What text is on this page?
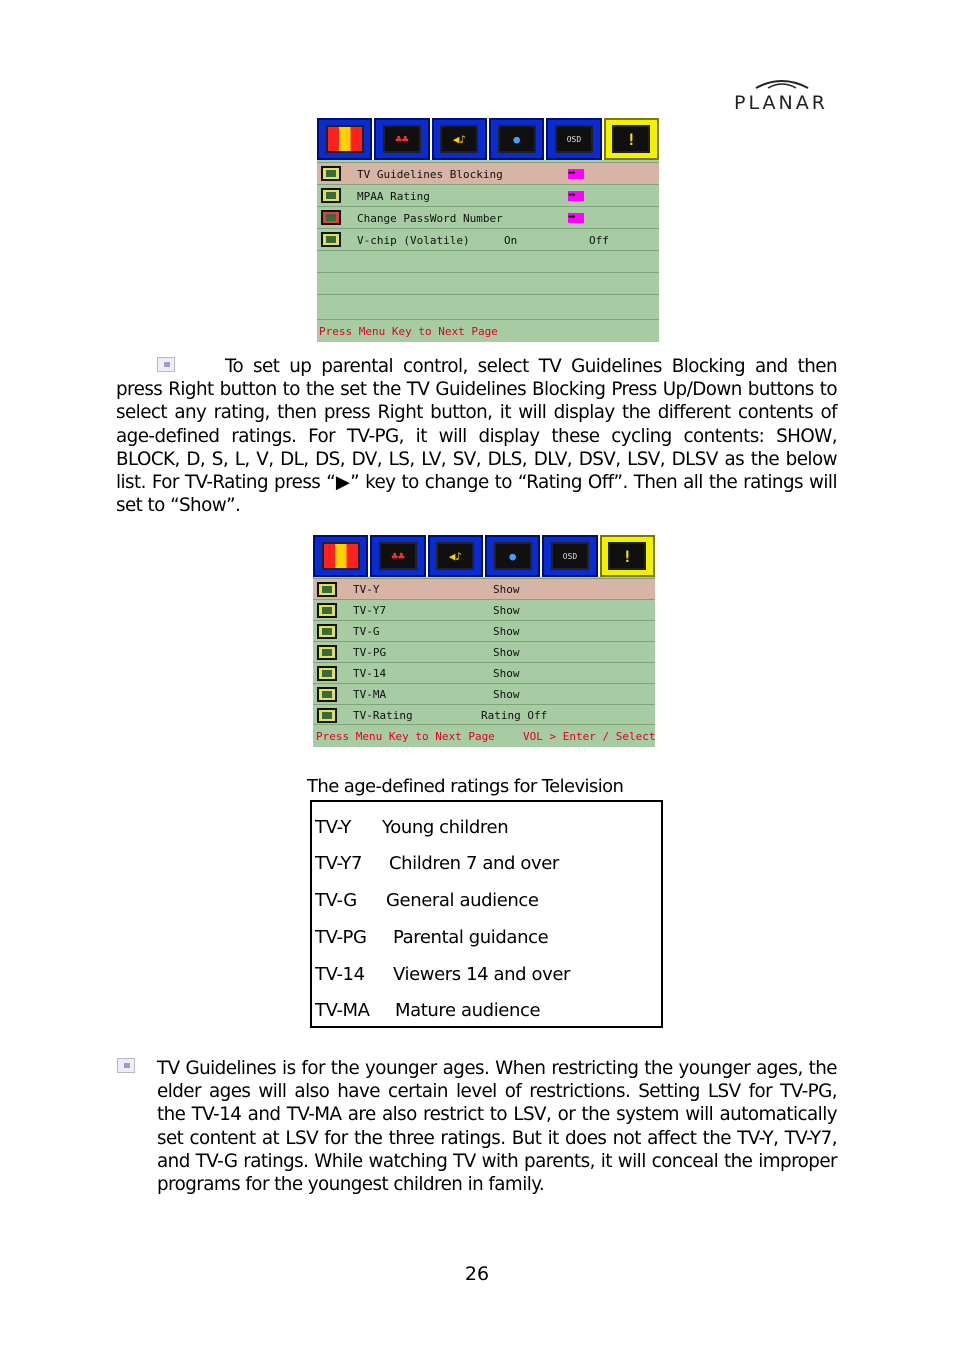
PLANAR
♣♣	◀♪	●	OSD	!
TV Guidelines Blocking	➡
MPAA Rating	➡
Change PassWord Number	➡
V-chip (Volatile)	On	Off
Press Menu Key to Next Page
To set up parental control, select TV Guidelines Blocking and then press Right button to the set the TV Guidelines Blocking Press Up/Down buttons to select any rating, then press Right button, it will display the different contents of age-defined ratings. For TV-PG, it will display these cycling contents: SHOW, BLOCK, D, S, L, V, DL, DS, DV, LS, LV, SV, DLS, DLV, DSV, LSV, DLSV as the below list. For TV-Rating press “▶” key to change to “Rating Off”. Then all the ratings will set to “Show”.
♣♣	◀♪	●	OSD	!
TV-Y	Show
TV-Y7	Show
TV-G	Show
TV-PG	Show
TV-14	Show
TV-MA	Show
TV-Rating	Rating Off
Press Menu Key to Next Page	VOL > Enter / Select
The age-defined ratings for Television
TV-Y Young children
TV-Y7 Children 7 and over
TV-G General audience
TV-PG Parental guidance
TV-14 Viewers 14 and over
TV-MA Mature audience
TV Guidelines is for the younger ages. When restricting the younger ages, the elder ages will also have certain level of restrictions. Setting LSV for TV-PG, the TV-14 and TV-MA are also restrict to LSV, or the system will automatically set content at LSV for the three ratings. But it does not affect the TV-Y, TV-Y7, and TV-G ratings. While watching TV with parents, it will conceal the improper programs for the youngest children in family.
26
